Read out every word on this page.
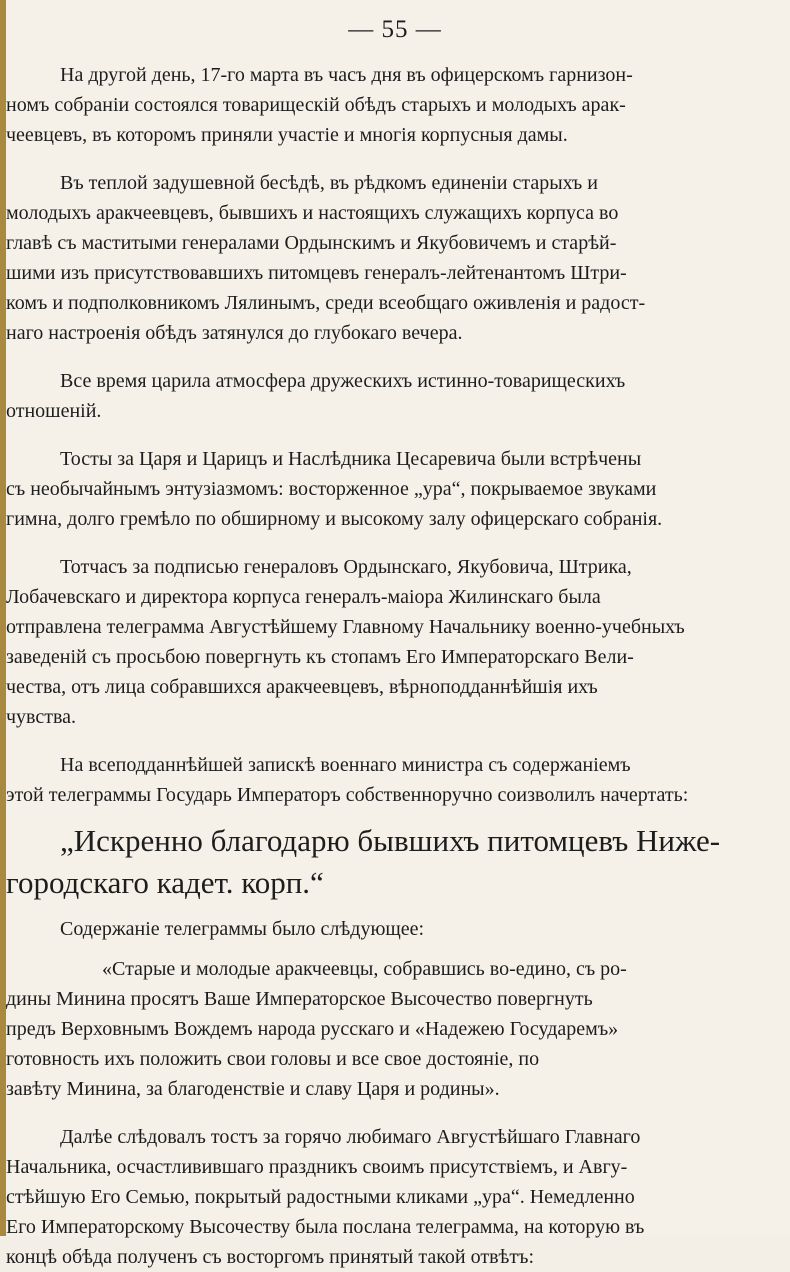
— 55 —
На другой день, 17-го марта въ часъ дня въ офицерскомъ гарнизон-
номъ собраніи состоялся товарищескій обѣдъ старыхъ и молодыхъ арак-
чеевцевъ, въ которомъ приняли участіе и многія корпусныя дамы.
Въ теплой задушевной бесѣдѣ, въ рѣдкомъ единеніи старыхъ и
молодыхъ аракчеевцевъ, бывшихъ и настоящихъ служащихъ корпуса во
главѣ съ маститыми генералами Ордынскимъ и Якубовичемъ и старѣй-
шими изъ присутствовавшихъ питомцевъ генералъ-лейтенантомъ Штри-
комъ и подполковникомъ Лялинымъ, среди всеобщаго оживленія и радост-
наго настроенія обѣдъ затянулся до глубокаго вечера.
Все время царила атмосфера дружескихъ истинно-товарищескихъ
отношеній.
Тосты за Царя и Царицъ и Наслѣдника Цесаревича были встрѣчены
съ необычайнымъ энтузіазмомъ: восторженное „ура“, покрываемое звуками
гимна, долго гремѣло по обширному и высокому залу офицерскаго собранія.
Тотчасъ за подписью генераловъ Ордынскаго, Якубовича, Штрика,
Лобачевскаго и директора корпуса генералъ-маіора Жилинскаго была
отправлена телеграмма Августѣйшему Главному Начальнику военно-учебныхъ
заведеній съ просьбою повергнуть къ стопамъ Его Императорскаго Вели-
чества, отъ лица собравшихся аракчеевцевъ, вѣрноподданнѣйшія ихъ
чувства.
На всеподданнѣйшей запискѣ военнаго министра съ содержаніемъ
этой телеграммы Государь Императоръ собственноручно соизволилъ начертать:
„Искренно благодарю бывшихъ питомцевъ Ниже-
городскаго кадет. корп.“
Содержаніе телеграммы было слѣдующее:
«Старые и молодые аракчеевцы, собравшись во-едино, съ ро-
дины Минина просятъ Ваше Императорское Высочество повергнуть
предъ Верховнымъ Вождемъ народа русскаго и «Надежею Государемъ»
готовность ихъ положить свои головы и все свое достояніе, по
завѣту Минина, за благоденствіе и славу Царя и родины».
Далѣе слѣдовалъ тостъ за горячо любимаго Августѣйшаго Главнаго
Начальника, осчастливившаго праздникъ своимъ присутствіемъ, и Авгу-
стѣйшую Его Семью, покрытый радостными кликами „ура“. Немедленно
Его Императорскому Высочеству была послана телеграмма, на которую въ
концѣ обѣда полученъ съ восторгомъ принятый такой отвѣтъ:
